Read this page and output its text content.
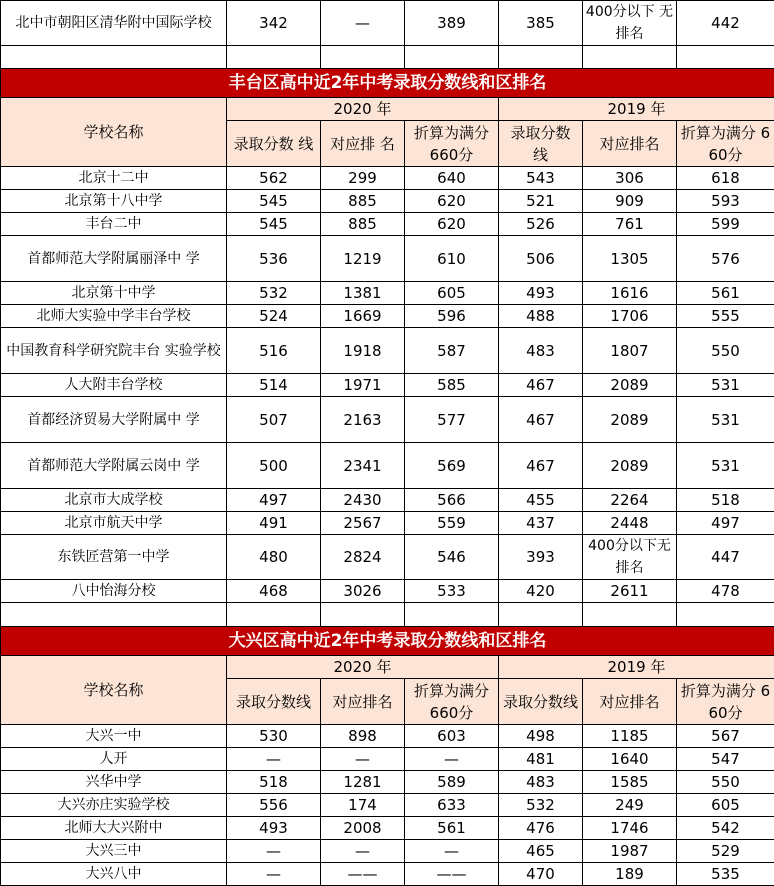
北中市朝阳区清华附中国际学校	342	—	389	385	400分以下 无排名	442

丰台区高中近2年中考录取分数线和区排名						
学校名称	2020 年			2019 年		
	录取分数 线	对应排 名	折算为满分 660分	录取分数 线	对应排名	折算为满分 660分
北京十二中	562	299	640	543	306	618
北京第十八中学	545	885	620	521	909	593
丰台二中	545	885	620	526	761	599
首都师范大学附属丽泽中 学	536	1219	610	506	1305	576
北京第十中学	532	1381	605	493	1616	561
北师大实验中学丰台学校	524	1669	596	488	1706	555
中国教育科学研究院丰台 实验学校	516	1918	587	483	1807	550
人大附丰台学校	514	1971	585	467	2089	531
首都经济贸易大学附属中 学	507	2163	577	467	2089	531
首都师范大学附属云岗中 学	500	2341	569	467	2089	531
北京市大成学校	497	2430	566	455	2264	518
北京市航天中学	491	2567	559	437	2448	497
东铁匠营第一中学	480	2824	546	393	400分以下无排名	447
八中怡海分校	468	3026	533	420	2611	478

大兴区高中近2年中考录取分数线和区排名						
学校名称	2020 年			2019 年		
	录取分数线	对应排名	折算为满分 660分	录取分数线	对应排名	折算为满分 660分
大兴一中	530	898	603	498	1185	567
人开	—	—	—	481	1640	547
兴华中学	518	1281	589	483	1585	550
大兴亦庄实验学校	556	174	633	532	249	605
北师大大兴附中	493	2008	561	476	1746	542
大兴三中	—	—	—	465	1987	529
大兴八中	—	——	——	470	189	535
